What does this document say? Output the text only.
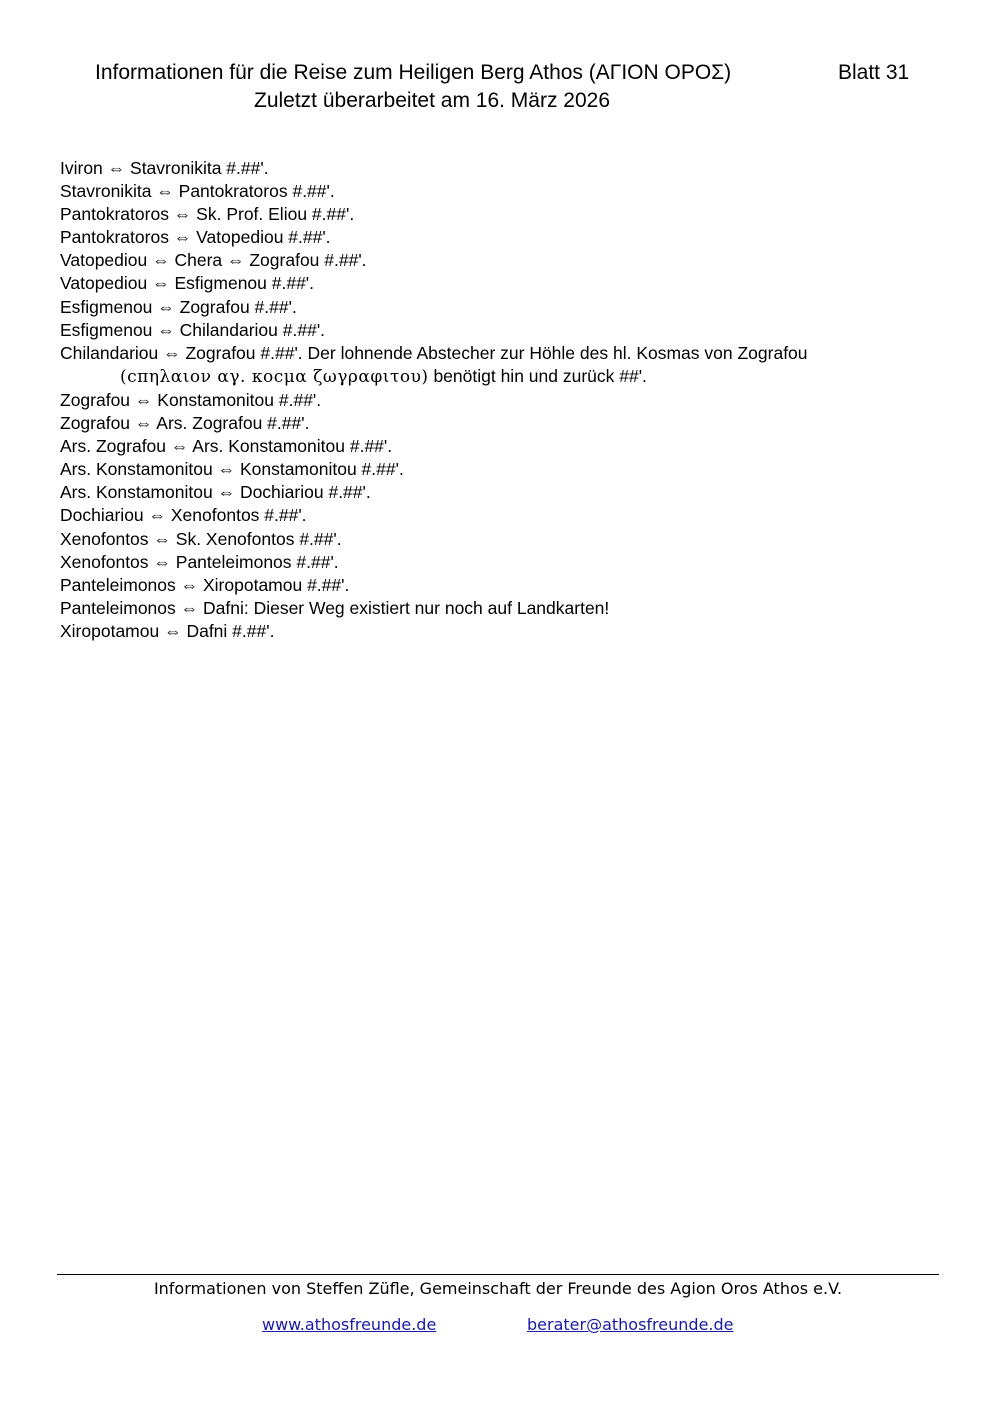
Informationen für die Reise zum Heiligen Berg Athos (ΑΓΙΟΝ ΟΡΟΣ)	Blatt 31
Zuletzt überarbeitet am 16. März 2026
Iviron ⇔ Stavronikita #.##'.
Stavronikita ⇔ Pantokratoros #.##'.
Pantokratoros ⇔ Sk. Prof. Eliou #.##'.
Pantokratoros ⇔ Vatopediou #.##'.
Vatopediou ⇔ Chera ⇔ Zografou #.##'.
Vatopediou ⇔ Esfigmenou #.##'.
Esfigmenou ⇔ Zografou #.##'.
Esfigmenou ⇔ Chilandariou #.##'.
Chilandariou ⇔ Zografou #.##'. Der lohnende Abstecher zur Höhle des hl. Kosmas von Zografou
(ϲπηλαιον αγ. κοϲμα ζωγραφιτου) benötigt hin und zurück ##'.
Zografou ⇔ Konstamonitou #.##'.
Zografou ⇔ Ars. Zografou #.##'.
Ars. Zografou ⇔ Ars. Konstamonitou #.##'.
Ars. Konstamonitou ⇔ Konstamonitou #.##'.
Ars. Konstamonitou ⇔ Dochiariou #.##'.
Dochiariou ⇔ Xenofontos #.##'.
Xenofontos ⇔ Sk. Xenofontos #.##'.
Xenofontos ⇔ Panteleimonos #.##'.
Panteleimonos ⇔ Xiropotamou #.##'.
Panteleimonos ⇔ Dafni: Dieser Weg existiert nur noch auf Landkarten!
Xiropotamou ⇔ Dafni #.##'.
Informationen von Steffen Züfle, Gemeinschaft der Freunde des Agion Oros Athos e.V.
www.athosfreunde.de	berater@athosfreunde.de
